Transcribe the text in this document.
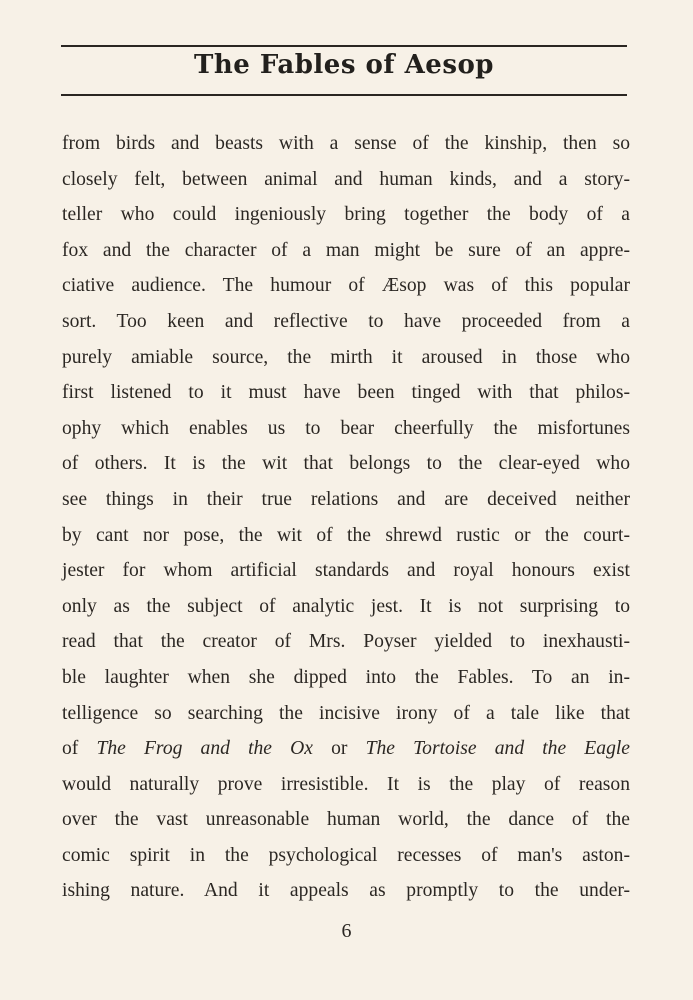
The Fables of Aesop
from birds and beasts with a sense of the kinship, then so
closely felt, between animal and human kinds, and a story-
teller who could ingeniously bring together the body of a
fox and the character of a man might be sure of an appre-
ciative audience. The humour of Æsop was of this popular
sort. Too keen and reflective to have proceeded from a
purely amiable source, the mirth it aroused in those who
first listened to it must have been tinged with that philos-
ophy which enables us to bear cheerfully the misfortunes
of others. It is the wit that belongs to the clear-eyed who
see things in their true relations and are deceived neither
by cant nor pose, the wit of the shrewd rustic or the court-
jester for whom artificial standards and royal honours exist
only as the subject of analytic jest. It is not surprising to
read that the creator of Mrs. Poyser yielded to inexhausti-
ble laughter when she dipped into the Fables. To an in-
telligence so searching the incisive irony of a tale like that
of The Frog and the Ox or The Tortoise and the Eagle
would naturally prove irresistible. It is the play of reason
over the vast unreasonable human world, the dance of the
comic spirit in the psychological recesses of man's aston-
ishing nature. And it appeals as promptly to the under-
6
